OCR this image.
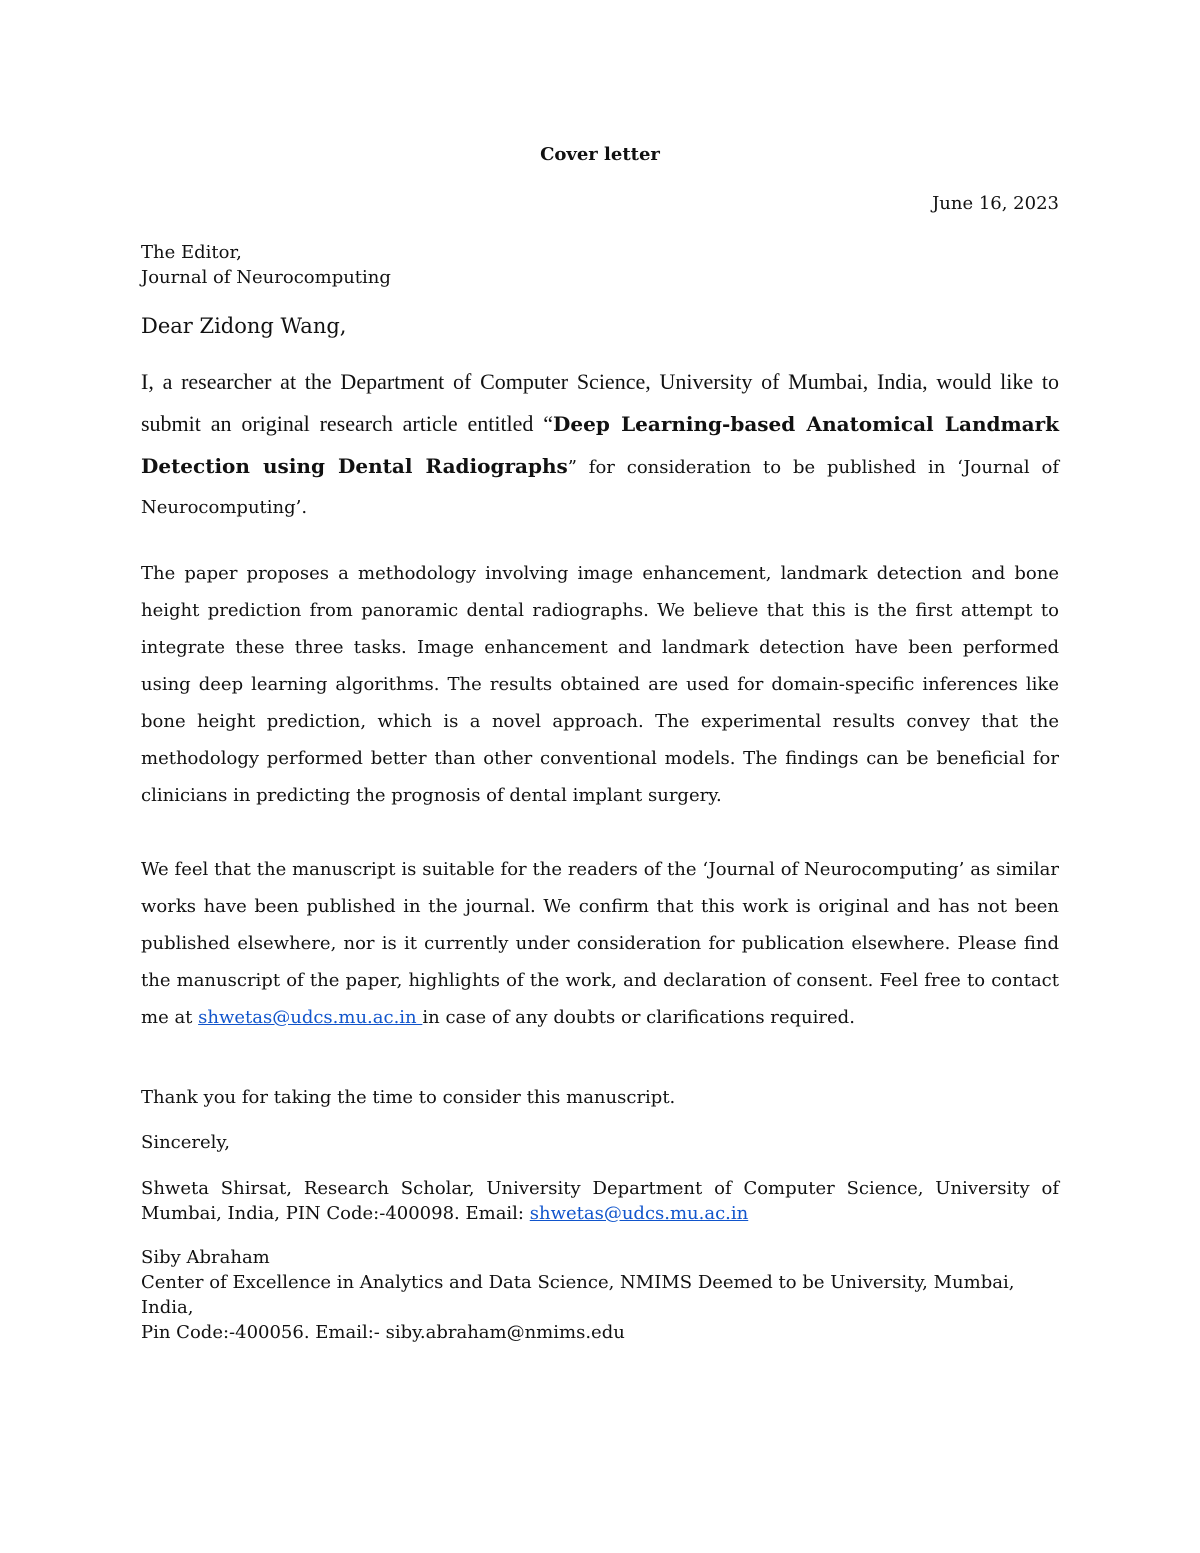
Cover letter
June 16, 2023
The Editor,
Journal of Neurocomputing
Dear Zidong Wang,

I, a researcher at the Department of Computer Science, University of Mumbai, India, would like to submit an original research article entitled “Deep Learning-based Anatomical Landmark Detection using Dental Radiographs” for consideration to be published in ‘Journal of Neurocomputing’.

The paper proposes a methodology involving image enhancement, landmark detection and bone height prediction from panoramic dental radiographs. We believe that this is the first attempt to integrate these three tasks. Image enhancement and landmark detection have been performed using deep learning algorithms. The results obtained are used for domain-specific inferences like bone height prediction, which is a novel approach. The experimental results convey that the methodology performed better than other conventional models. The findings can be beneficial for clinicians in predicting the prognosis of dental implant surgery.

We feel that the manuscript is suitable for the readers of the ‘Journal of Neurocomputing’ as similar works have been published in the journal. We confirm that this work is original and has not been published elsewhere, nor is it currently under consideration for publication elsewhere. Please find the manuscript of the paper, highlights of the work, and declaration of consent. Feel free to contact me at shwetas@udcs.mu.ac.in in case of any doubts or clarifications required.

Thank you for taking the time to consider this manuscript.
Sincerely,
Shweta Shirsat, Research Scholar, University Department of Computer Science, University of Mumbai, India, PIN Code:-400098. Email: shwetas@udcs.mu.ac.in
Siby Abraham
Center of Excellence in Analytics and Data Science, NMIMS Deemed to be University, Mumbai, India,
Pin Code:-400056. Email:- siby.abraham@nmims.edu
